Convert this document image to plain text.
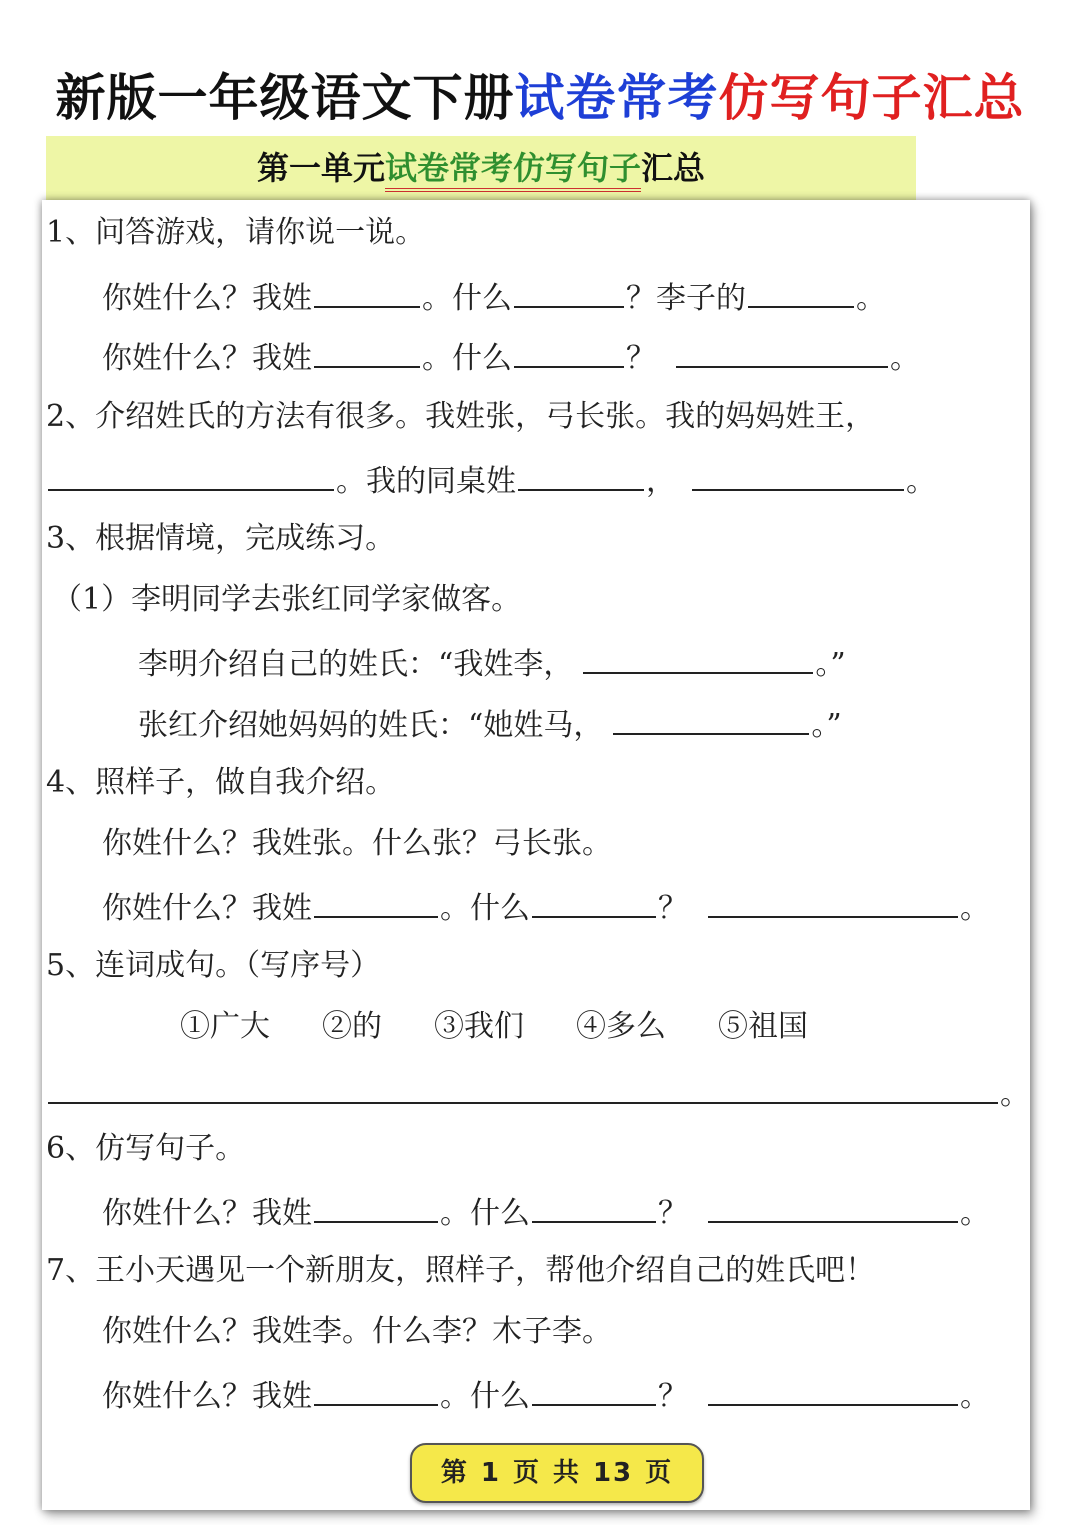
新版一年级语文下册试卷常考仿写句子汇总
第一单元试卷常考仿写句子汇总
1、问答游戏，请你说一说。
你姓什么？我姓	。什么	？李子的	。
你姓什么？我姓	。什么	？	。
2、介绍姓氏的方法有很多。我姓张，弓长张。我的妈妈姓王，
。我的同桌姓	，	。
3、根据情境，完成练习。
（1）李明同学去张红同学家做客。
李明介绍自己的姓氏：“我姓李，	。”
张红介绍她妈妈的姓氏：“她姓马，	。”
4、照样子，做自我介绍。
你姓什么？我姓张。什么张？弓长张。
你姓什么？我姓	。什么	？	。
5、连词成句。（写序号）
①广大 ②的 ③我们 ④多么 ⑤祖国
。
6、仿写句子。
你姓什么？我姓	。什么	？	。
7、王小天遇见一个新朋友，照样子，帮他介绍自己的姓氏吧！
你姓什么？我姓李。什么李？木子李。
你姓什么？我姓	。什么	？	。
第 1 页 共 13 页
